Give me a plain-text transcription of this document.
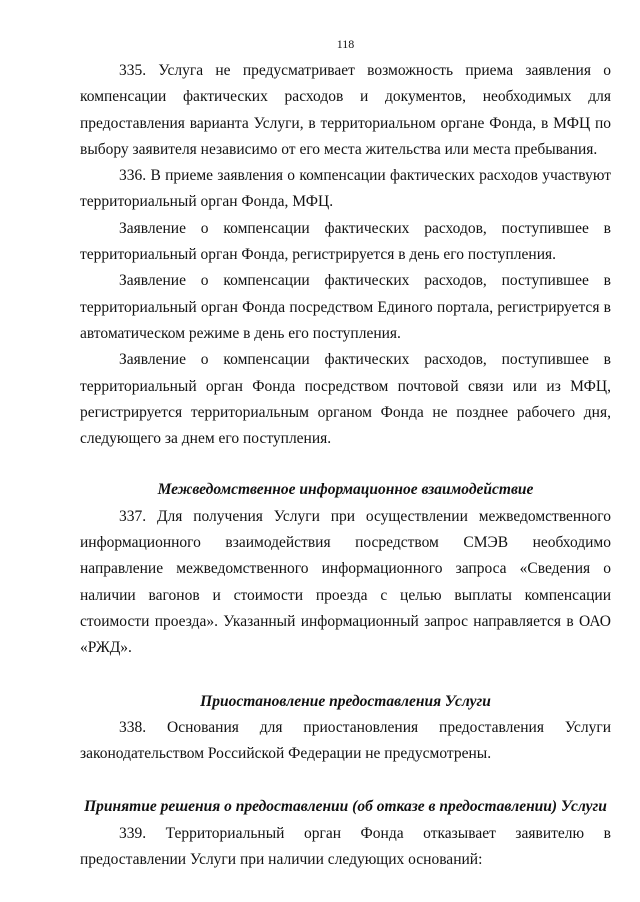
118

335. Услуга не предусматривает возможность приема заявления о компенсации фактических расходов и документов, необходимых для предоставления варианта Услуги, в территориальном органе Фонда, в МФЦ по выбору заявителя независимо от его места жительства или места пребывания.

336. В приеме заявления о компенсации фактических расходов участвуют территориальный орган Фонда, МФЦ.

Заявление о компенсации фактических расходов, поступившее в территориальный орган Фонда, регистрируется в день его поступления.

Заявление о компенсации фактических расходов, поступившее в территориальный орган Фонда посредством Единого портала, регистрируется в автоматическом режиме в день его поступления.

Заявление о компенсации фактических расходов, поступившее в территориальный орган Фонда посредством почтовой связи или из МФЦ, регистрируется территориальным органом Фонда не позднее рабочего дня, следующего за днем его поступления.

Межведомственное информационное взаимодействие

337. Для получения Услуги при осуществлении межведомственного информационного взаимодействия посредством СМЭВ необходимо направление межведомственного информационного запроса «Сведения о наличии вагонов и стоимости проезда с целью выплаты компенсации стоимости проезда». Указанный информационный запрос направляется в ОАО «РЖД».

Приостановление предоставления Услуги

338. Основания для приостановления предоставления Услуги законодательством Российской Федерации не предусмотрены.

Принятие решения о предоставлении (об отказе в предоставлении) Услуги

339. Территориальный орган Фонда отказывает заявителю в предоставлении Услуги при наличии следующих оснований:
